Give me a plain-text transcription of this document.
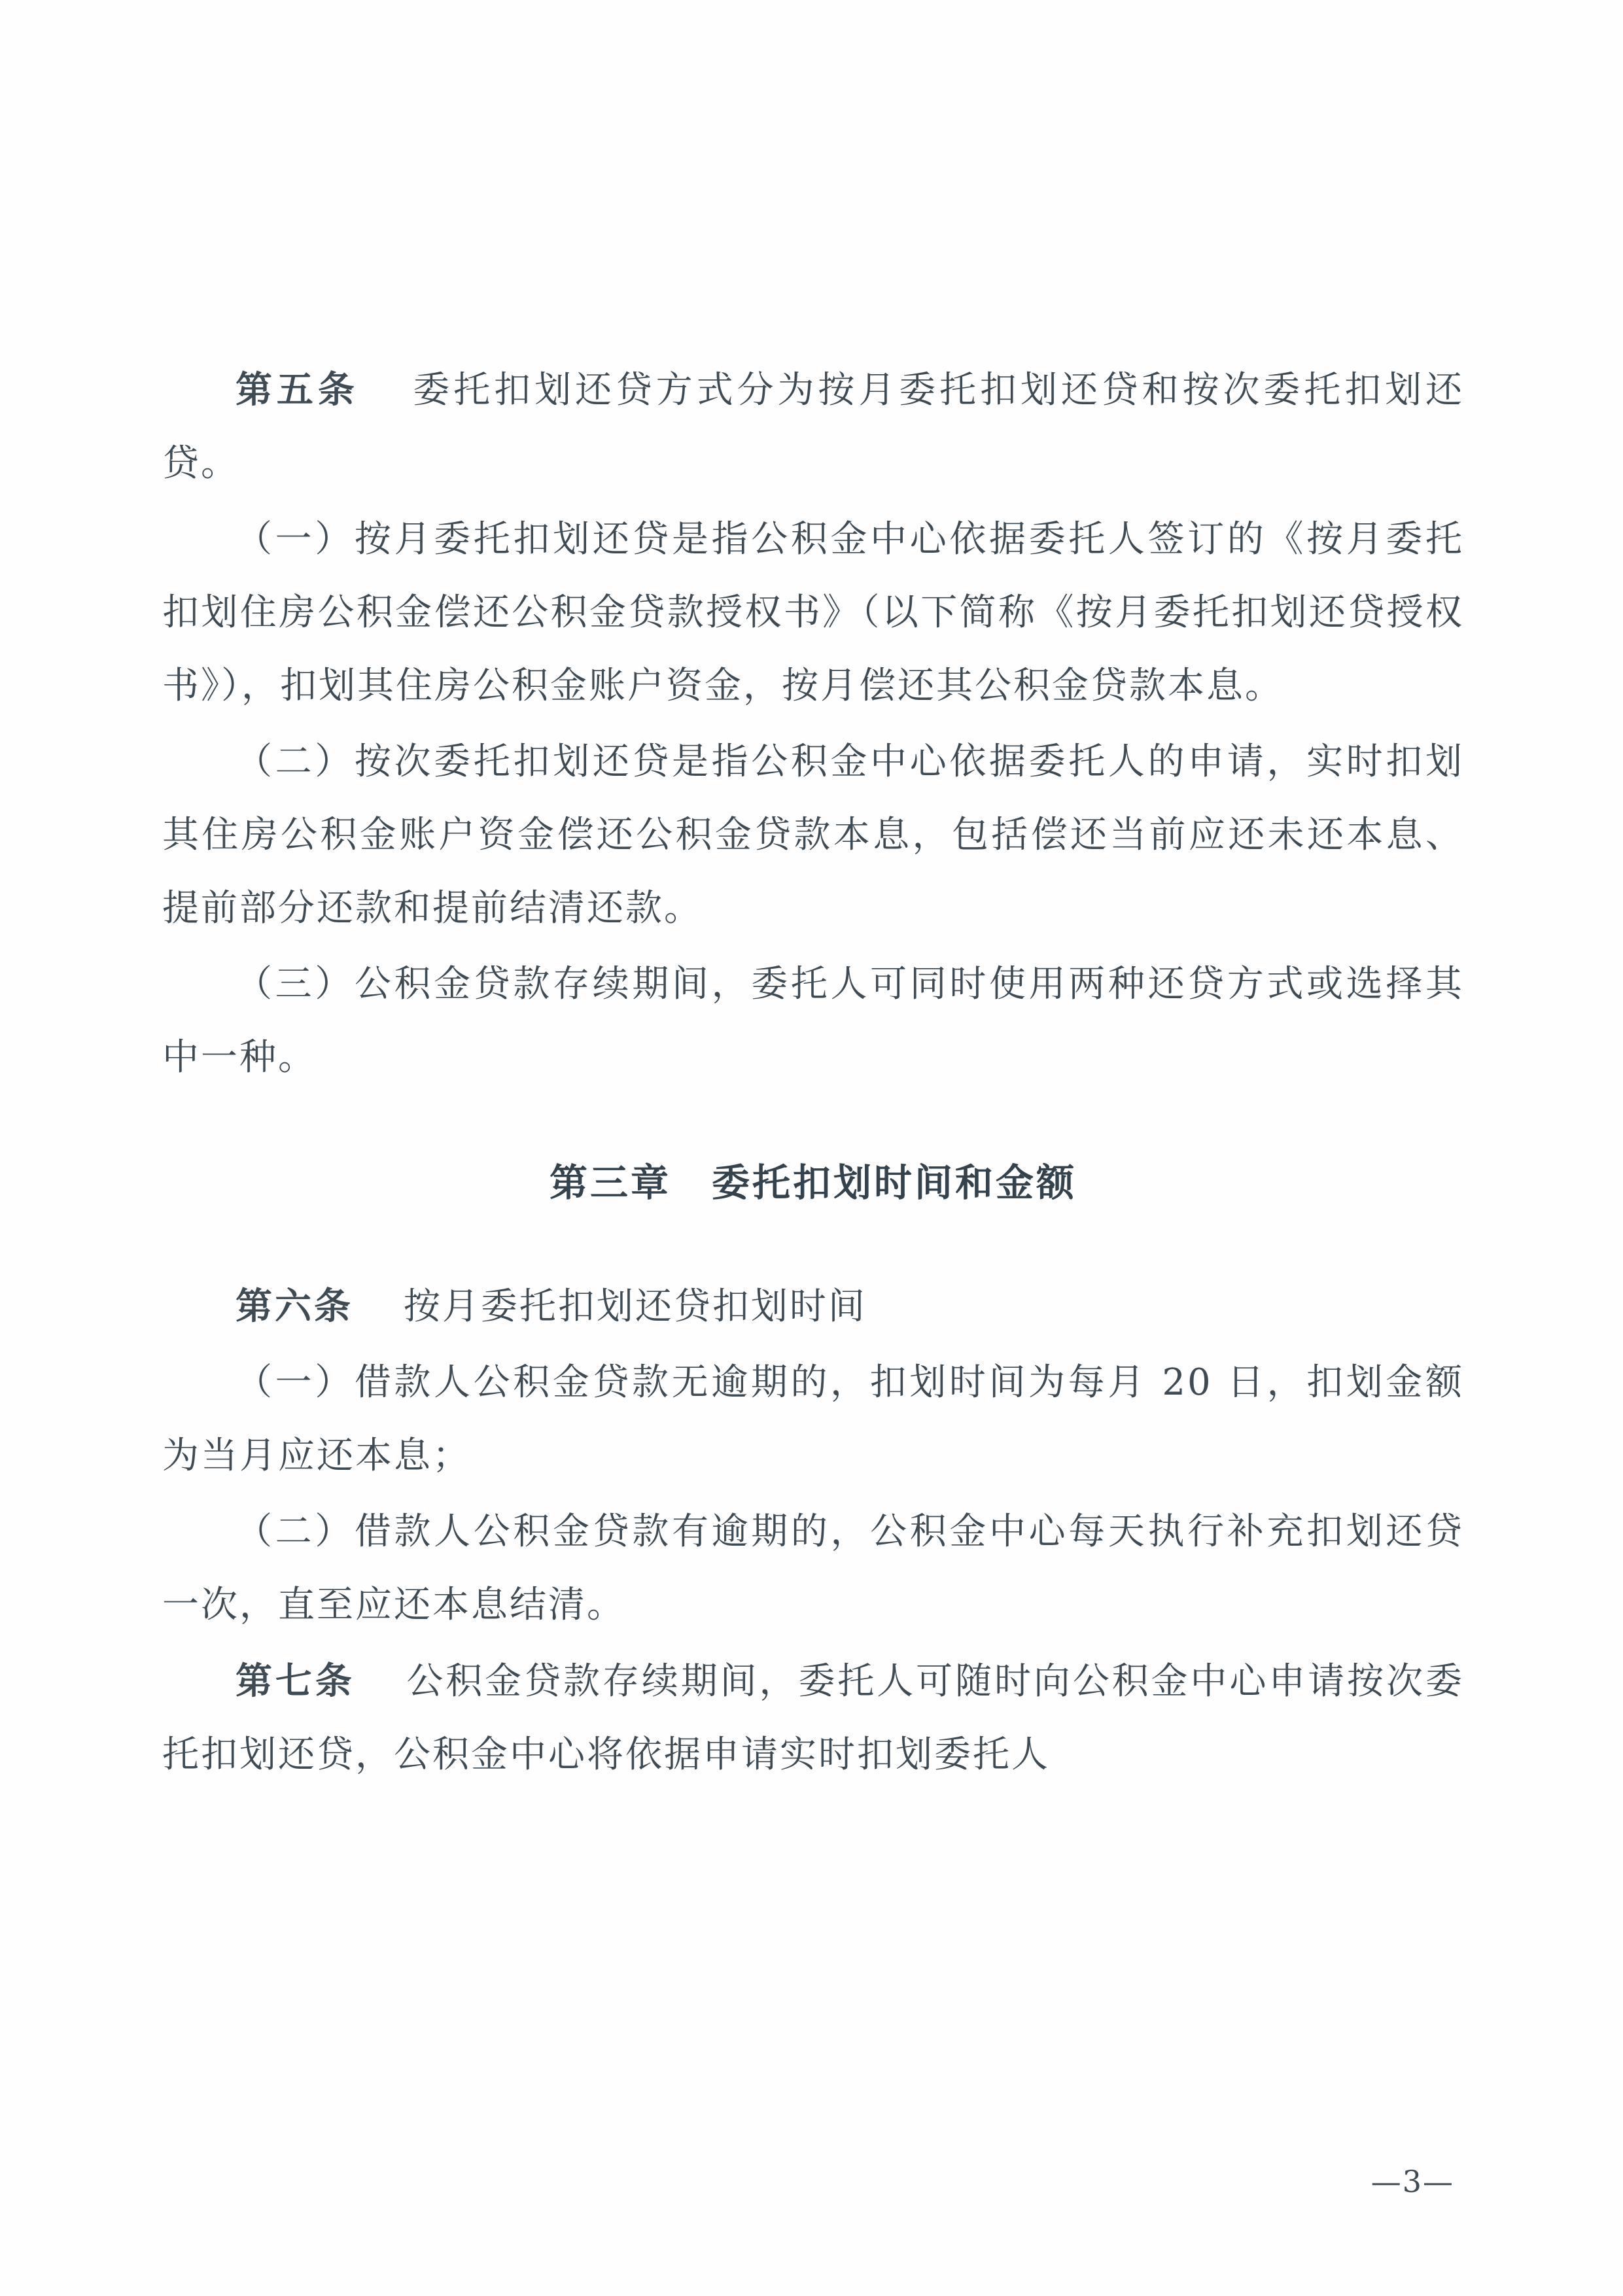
第五条 委托扣划还贷方式分为按月委托扣划还贷和按次委托扣划还贷。

（一）按月委托扣划还贷是指公积金中心依据委托人签订的《按月委托扣划住房公积金偿还公积金贷款授权书》（以下简称《按月委托扣划还贷授权书》），扣划其住房公积金账户资金，按月偿还其公积金贷款本息。

（二）按次委托扣划还贷是指公积金中心依据委托人的申请，实时扣划其住房公积金账户资金偿还公积金贷款本息，包括偿还当前应还未还本息、提前部分还款和提前结清还款。

（三）公积金贷款存续期间，委托人可同时使用两种还贷方式或选择其中一种。

第三章　委托扣划时间和金额

第六条 按月委托扣划还贷扣划时间

（一）借款人公积金贷款无逾期的，扣划时间为每月 20 日，扣划金额为当月应还本息；

（二）借款人公积金贷款有逾期的，公积金中心每天执行补充扣划还贷一次，直至应还本息结清。

第七条 公积金贷款存续期间，委托人可随时向公积金中心申请按次委托扣划还贷，公积金中心将依据申请实时扣划委托人

—3—
